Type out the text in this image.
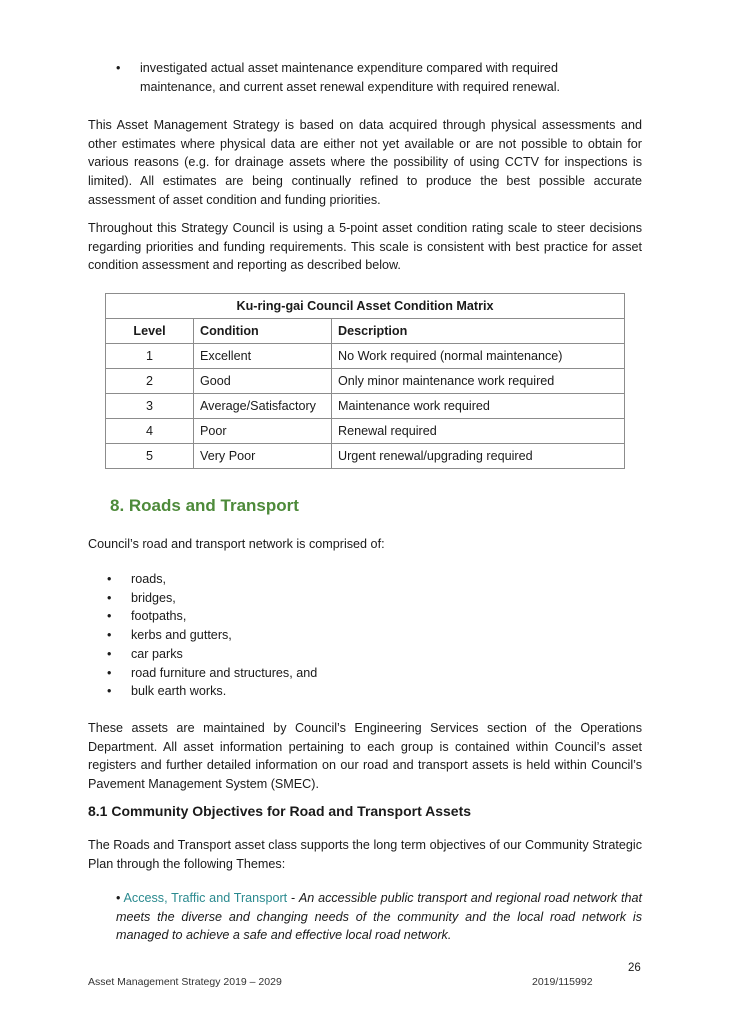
•	investigated actual asset maintenance expenditure compared with required maintenance, and current asset renewal expenditure with required renewal.

This Asset Management Strategy is based on data acquired through physical assessments and other estimates where physical data are either not yet available or are not possible to obtain for various reasons (e.g. for drainage assets where the possibility of using CCTV for inspections is limited). All estimates are being continually refined to produce the best possible accurate assessment of asset condition and funding priorities.

Throughout this Strategy Council is using a 5-point asset condition rating scale to steer decisions regarding priorities and funding requirements. This scale is consistent with best practice for asset condition assessment and reporting as described below.

Ku-ring-gai Council Asset Condition Matrix		
Level	Condition	Description
1	Excellent	No Work required (normal maintenance)
2	Good	Only minor maintenance work required
3	Average/Satisfactory	Maintenance work required
4	Poor	Renewal required
5	Very Poor	Urgent renewal/upgrading required
8. Roads and Transport

Council’s road and transport network is comprised of:

• roads,
• bridges,
• footpaths,
• kerbs and gutters,
• car parks
• road furniture and structures, and
• bulk earth works.

These assets are maintained by Council’s Engineering Services section of the Operations Department. All asset information pertaining to each group is contained within Council’s asset registers and further detailed information on our road and transport assets is held within Council’s Pavement Management System (SMEC).

8.1 Community Objectives for Road and Transport Assets

The Roads and Transport asset class supports the long term objectives of our Community Strategic Plan through the following Themes:

• Access, Traffic and Transport - An accessible public transport and regional road network that meets the diverse and changing needs of the community and the local road network is managed to achieve a safe and effective local road network.
26
Asset Management Strategy 2019 – 2029	2019/115992
